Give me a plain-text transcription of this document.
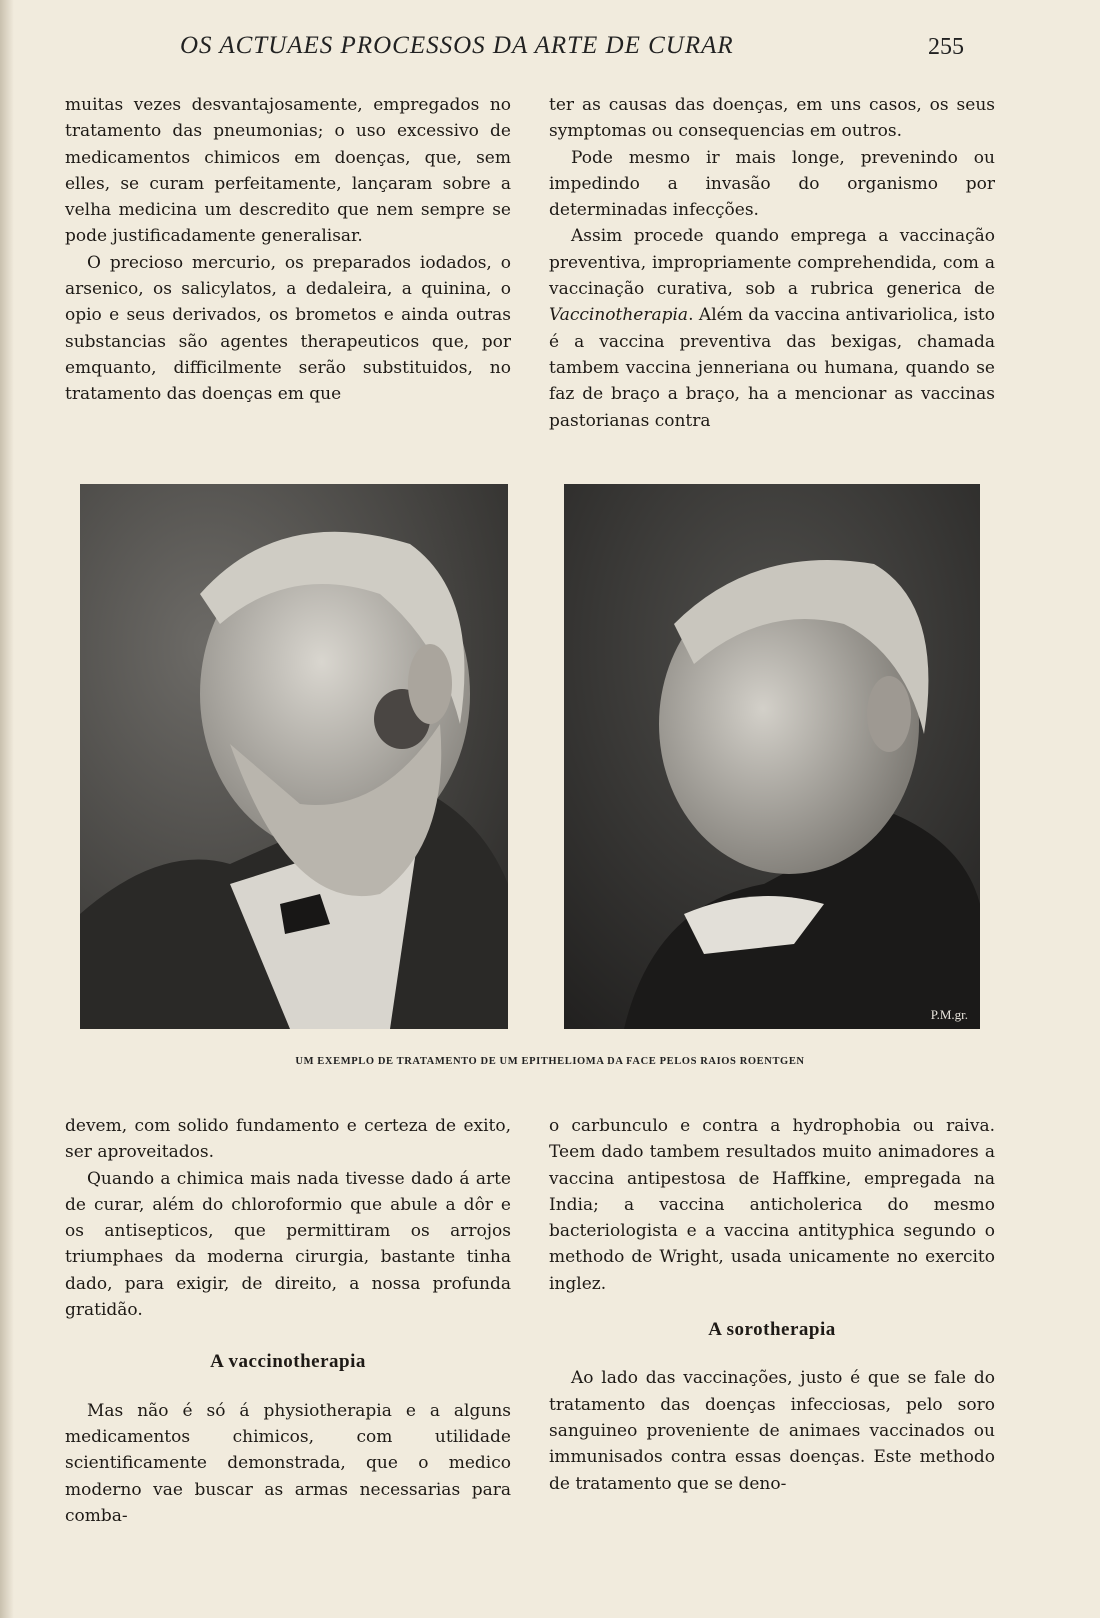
OS ACTUAES PROCESSOS DA ARTE DE CURAR	255

muitas vezes desvantajosamente, empregados no tratamento das pneumonias; o uso excessivo de medicamentos chimicos em doenças, que, sem elles, se curam perfeitamente, lançaram sobre a velha medicina um descredito que nem sempre se pode justificadamente generalisar.

O precioso mercurio, os preparados iodados, o arsenico, os salicylatos, a dedaleira, a quinina, o opio e seus derivados, os brometos e ainda outras substancias são agentes therapeuticos que, por emquanto, difficilmente serão substituidos, no tratamento das doenças em que

ter as causas das doenças, em uns casos, os seus symptomas ou consequencias em outros.

Pode mesmo ir mais longe, prevenindo ou impedindo a invasão do organismo por determinadas infecções.

Assim procede quando emprega a vaccinação preventiva, impropriamente comprehendida, com a vaccinação curativa, sob a rubrica generica de Vaccinotherapia. Além da vaccina antivariolica, isto é a vaccina preventiva das bexigas, chamada tambem vaccina jenneriana ou humana, quando se faz de braço a braço, ha a mencionar as vaccinas pastorianas contra

P.M.gr.
UM EXEMPLO DE TRATAMENTO DE UM EPITHELIOMA DA FACE PELOS RAIOS ROENTGEN

devem, com solido fundamento e certeza de exito, ser aproveitados.

Quando a chimica mais nada tivesse dado á arte de curar, além do chloroformio que abule a dôr e os antisepticos, que permittiram os arrojos triumphaes da moderna cirurgia, bastante tinha dado, para exigir, de direito, a nossa profunda gratidão.

A vaccinotherapia

Mas não é só á physiotherapia e a alguns medicamentos chimicos, com utilidade scientificamente demonstrada, que o medico moderno vae buscar as armas necessarias para comba-

o carbunculo e contra a hydrophobia ou raiva. Teem dado tambem resultados muito animadores a vaccina antipestosa de Haffkine, empregada na India; a vaccina anticholerica do mesmo bacteriologista e a vaccina antityphica segundo o methodo de Wright, usada unicamente no exercito inglez.

A sorotherapia

Ao lado das vaccinações, justo é que se fale do tratamento das doenças infecciosas, pelo soro sanguineo proveniente de animaes vaccinados ou immunisados contra essas doenças. Este methodo de tratamento que se deno-
